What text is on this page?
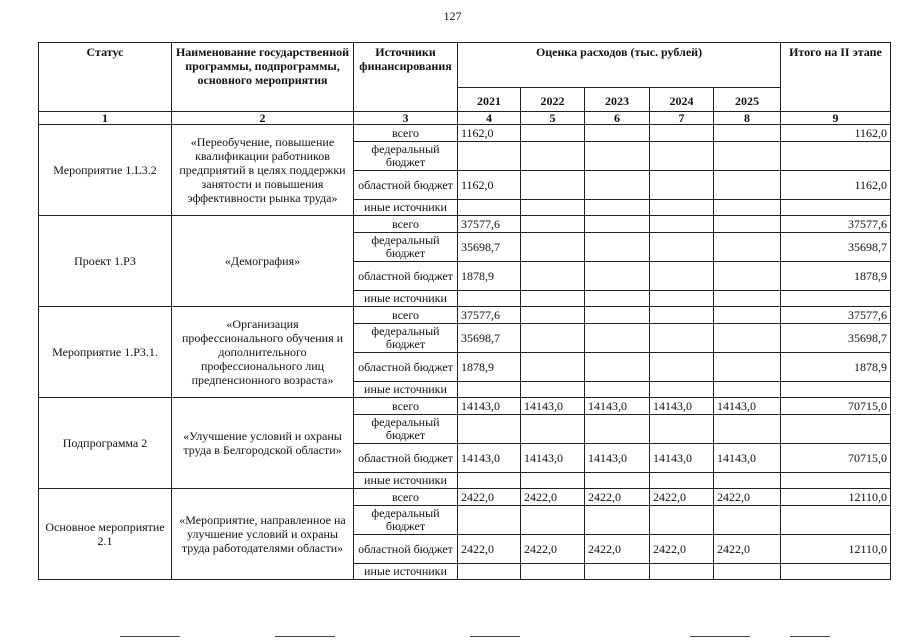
127
Статус	Наименование государственной программы, подпрограммы, основного мероприятия	Источники финансирования	Оценка расходов (тыс. рублей)					Итого на II этапе
			2021	2022	2023	2024	2025	
1	2	3	4	5	6	7	8	9
Мероприятие 1.L3.2	«Переобучение, повышение квалификации работников предприятий в целях поддержки занятости и повышения эффективности рынка труда»	всего	1162,0					1162,0
		федеральный бюджет						
		областной бюджет	1162,0					1162,0
		иные источники						
Проект 1.Р3	«Демография»	всего	37577,6					37577,6
		федеральный бюджет	35698,7					35698,7
		областной бюджет	1878,9					1878,9
		иные источники						
Мероприятие 1.Р3.1.	«Организация профессионального обучения и дополнительного профессионального лиц предпенсионного возраста»	всего	37577,6					37577,6
		федеральный бюджет	35698,7					35698,7
		областной бюджет	1878,9					1878,9
		иные источники						
Подпрограмма 2	«Улучшение условий и охраны труда в Белгородской области»	всего	14143,0	14143,0	14143,0	14143,0	14143,0	70715,0
		федеральный бюджет						
		областной бюджет	14143,0	14143,0	14143,0	14143,0	14143,0	70715,0
		иные источники						
Основное мероприятие 2.1	«Мероприятие, направленное на улучшение условий и охраны труда работодателями области»	всего	2422,0	2422,0	2422,0	2422,0	2422,0	12110,0
		федеральный бюджет						
		областной бюджет	2422,0	2422,0	2422,0	2422,0	2422,0	12110,0
		иные источники						
